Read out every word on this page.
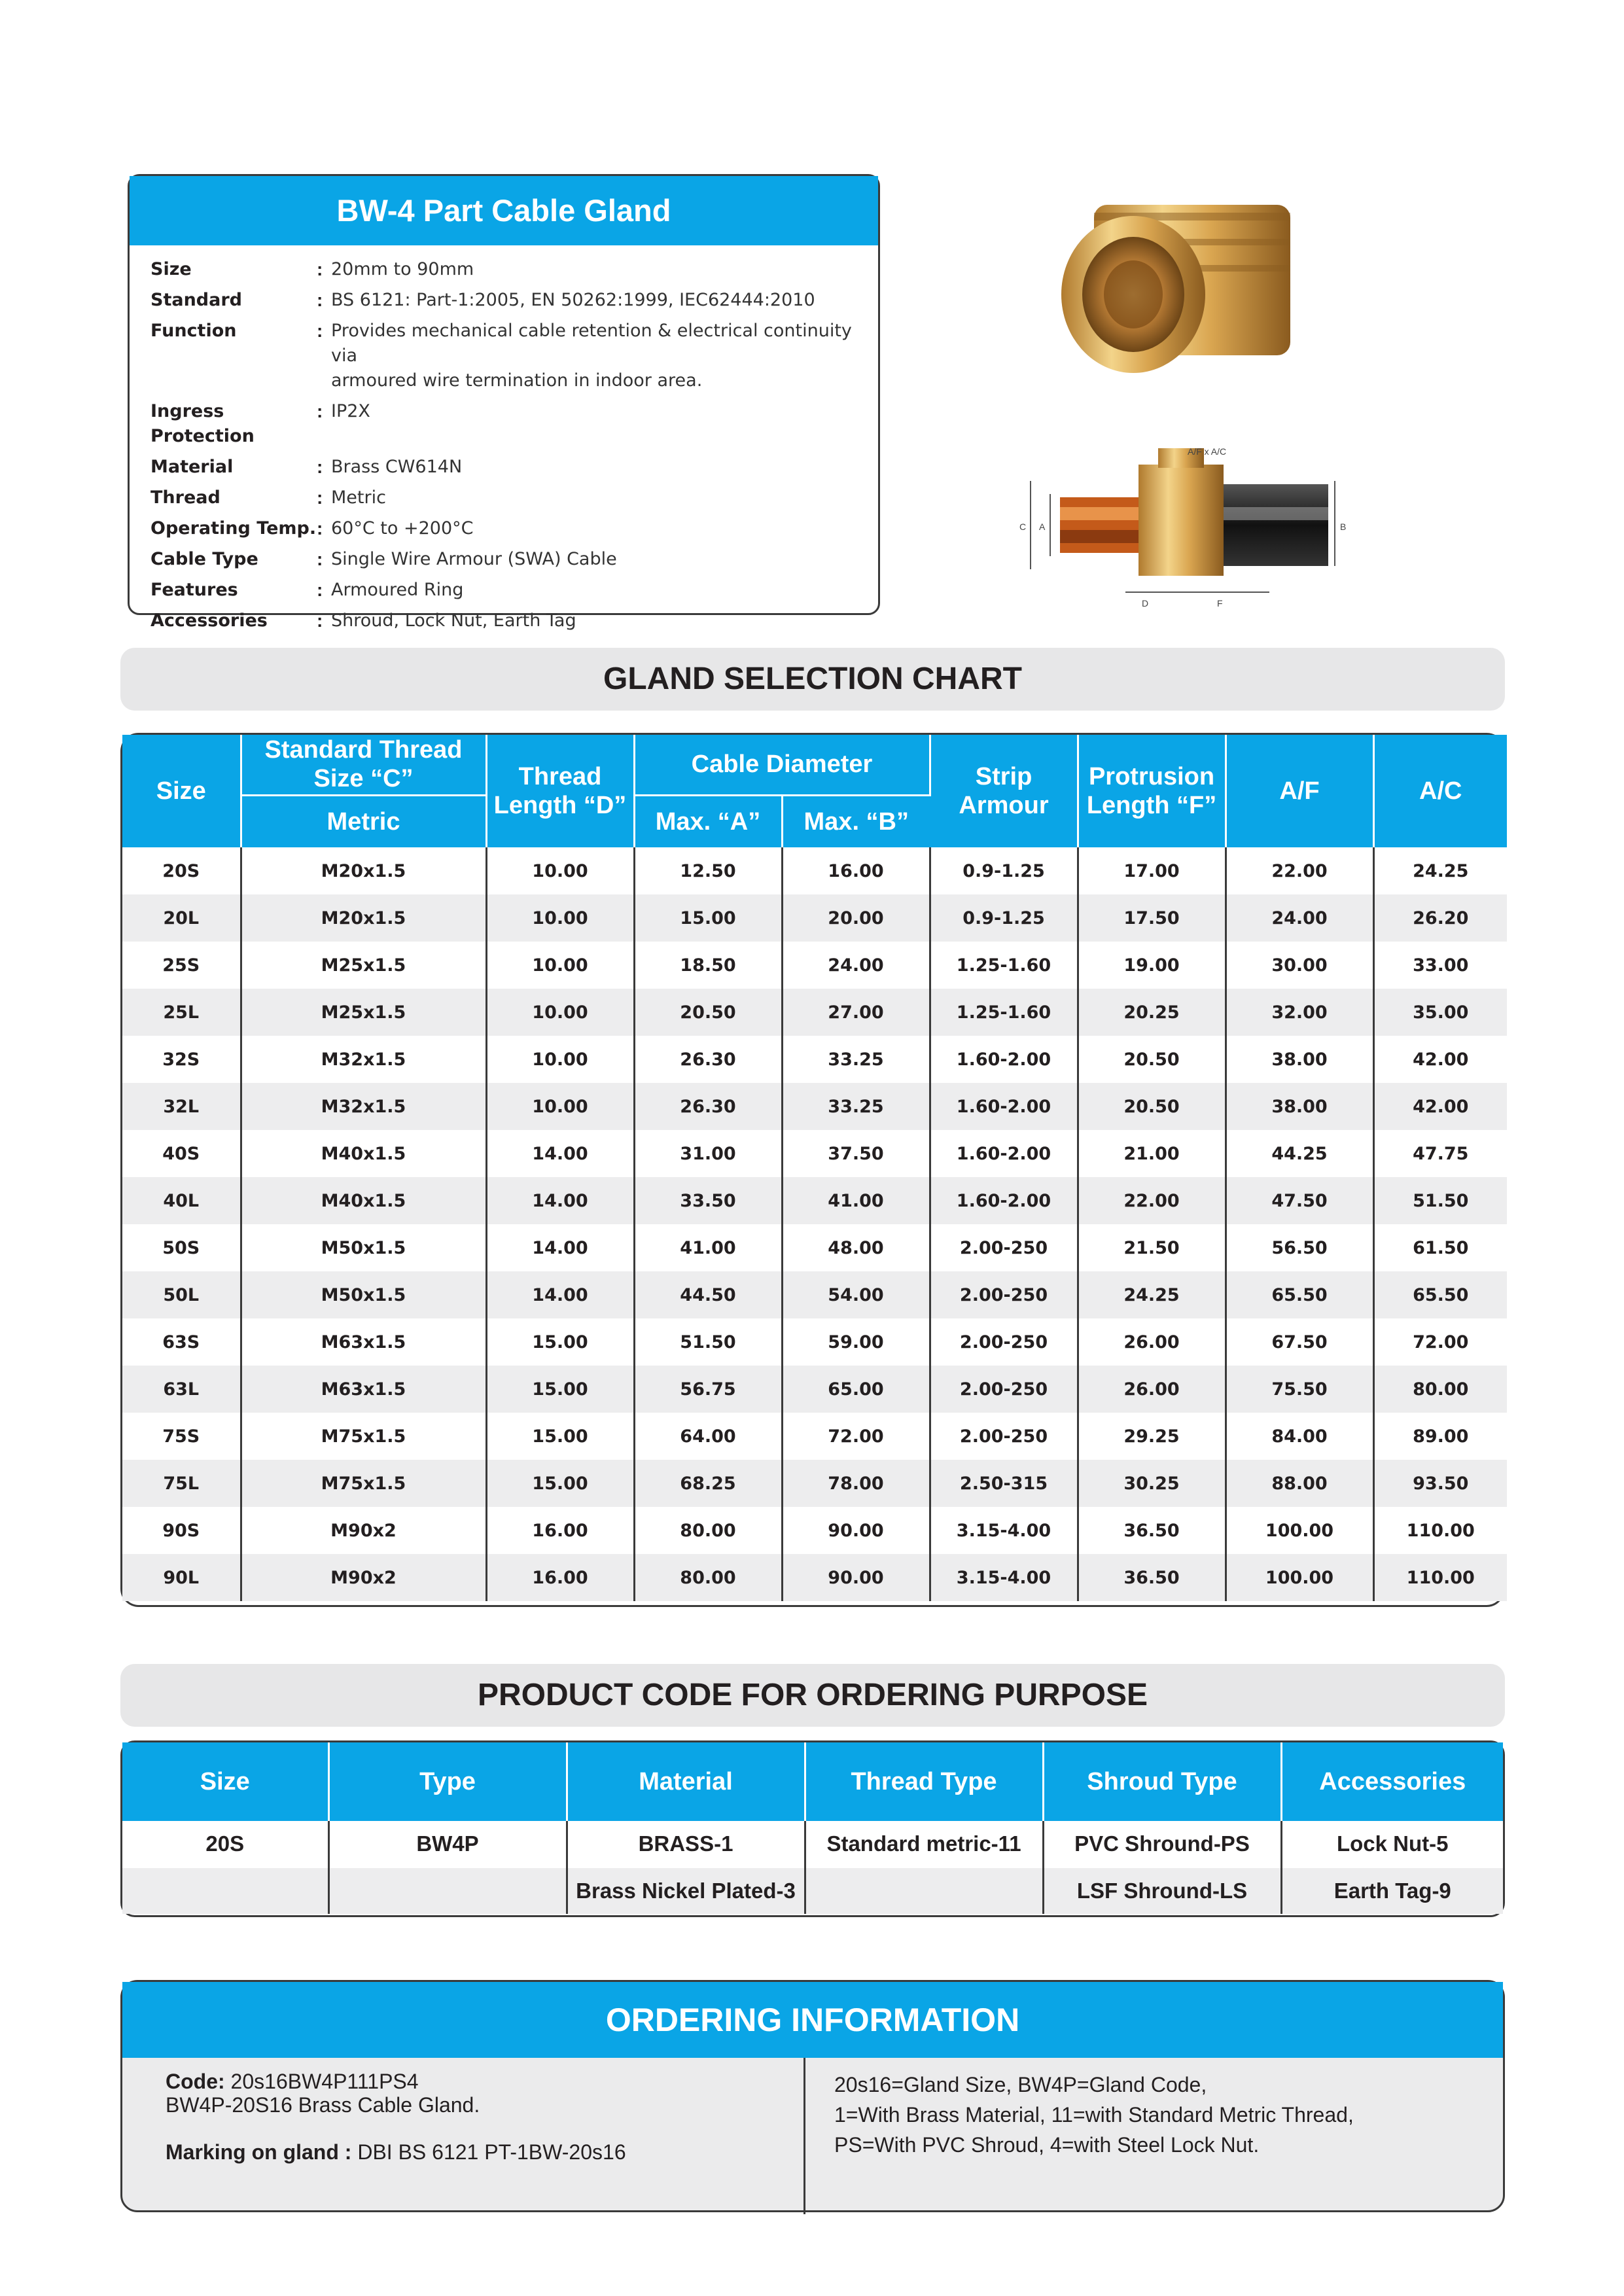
BW-4 Part Cable Gland
Size	: 20mm to 90mm
Standard	: BS 6121: Part-1:2005, EN 50262:1999, IEC62444:2010
Function	: Provides mechanical cable retention & electrical continuity via
armoured wire termination in indoor area.
Ingress Protection
: IP2X
Material	: Brass CW614N
Thread	: Metric
Operating Temp. : 60°C to +200°C
Cable Type	: Single Wire Armour (SWA) Cable
Features	: Armoured Ring
Accessories	: Shroud, Lock Nut, Earth Tag
C A	B
D	F
A/F x A/C
GLAND SELECTION CHART
Size	Standard Thread Size “C”	Thread Length “D”	Cable Diameter		Strip Armour	Protrusion Length “F”	A/F	A/C
	Metric		Max. “A”	Max. “B”				
20S	M20x1.5	10.00	12.50	16.00	0.9-1.25	17.00	22.00	24.25
20L	M20x1.5	10.00	15.00	20.00	0.9-1.25	17.50	24.00	26.20
25S	M25x1.5	10.00	18.50	24.00	1.25-1.60	19.00	30.00	33.00
25L	M25x1.5	10.00	20.50	27.00	1.25-1.60	20.25	32.00	35.00
32S	M32x1.5	10.00	26.30	33.25	1.60-2.00	20.50	38.00	42.00
32L	M32x1.5	10.00	26.30	33.25	1.60-2.00	20.50	38.00	42.00
40S	M40x1.5	14.00	31.00	37.50	1.60-2.00	21.00	44.25	47.75
40L	M40x1.5	14.00	33.50	41.00	1.60-2.00	22.00	47.50	51.50
50S	M50x1.5	14.00	41.00	48.00	2.00-250	21.50	56.50	61.50
50L	M50x1.5	14.00	44.50	54.00	2.00-250	24.25	65.50	65.50
63S	M63x1.5	15.00	51.50	59.00	2.00-250	26.00	67.50	72.00
63L	M63x1.5	15.00	56.75	65.00	2.00-250	26.00	75.50	80.00
75S	M75x1.5	15.00	64.00	72.00	2.00-250	29.25	84.00	89.00
75L	M75x1.5	15.00	68.25	78.00	2.50-315	30.25	88.00	93.50
90S	M90x2	16.00	80.00	90.00	3.15-4.00	36.50	100.00	110.00
90L	M90x2	16.00	80.00	90.00	3.15-4.00	36.50	100.00	110.00
PRODUCT CODE FOR ORDERING PURPOSE
Size	Type	Material	Thread Type	Shroud Type	Accessories
20S	BW4P	BRASS-1	Standard metric-11	PVC Shround-PS	Lock Nut-5
		Brass Nickel Plated-3		LSF Shround-LS	Earth Tag-9
ORDERING INFORMATION
Code: 20s16BW4P111PS4
BW4P-20S16 Brass Cable Gland.
Marking on gland : DBI BS 6121 PT-1BW-20s16
20s16=Gland Size, BW4P=Gland Code,
1=With Brass Material, 11=with Standard Metric Thread,
PS=With PVC Shroud, 4=with Steel Lock Nut.
